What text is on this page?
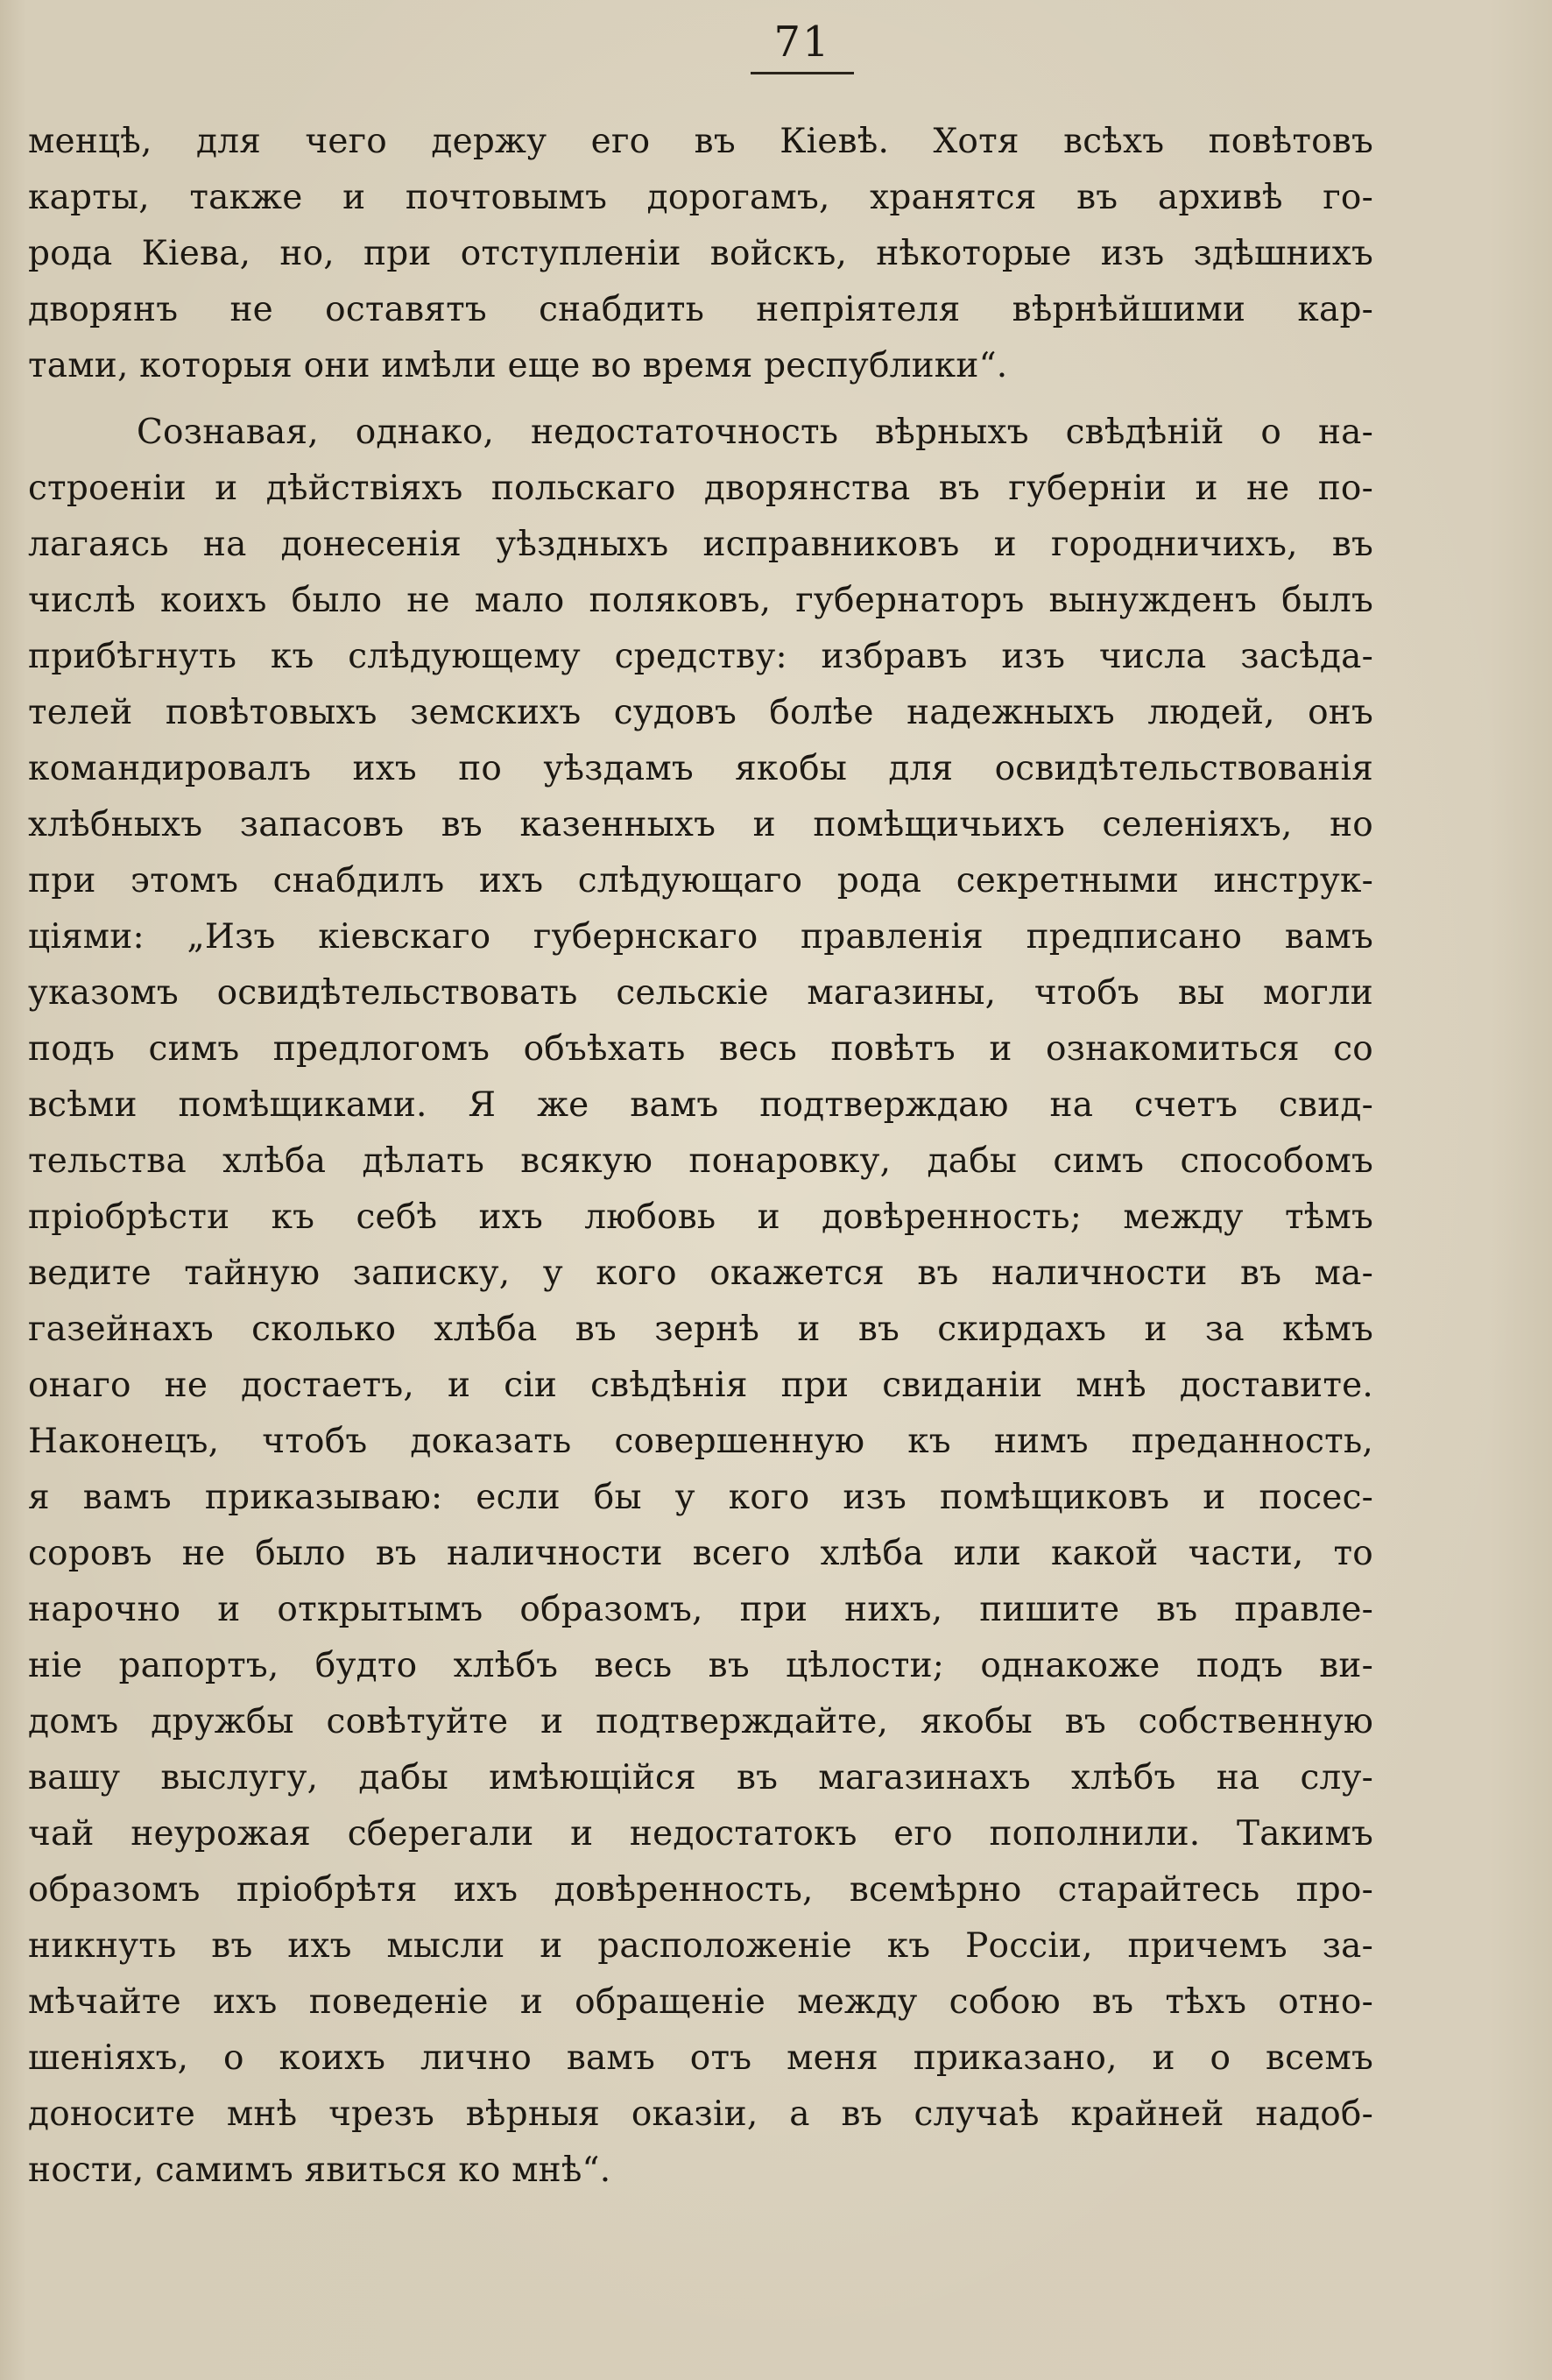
71
менцѣ, для чего держу его въ Кіевѣ. Хотя всѣхъ повѣтовъ
карты, также и почтовымъ дорогамъ, хранятся въ архивѣ го-
рода Кіева, но, при отступленіи войскъ, нѣкоторые изъ здѣшнихъ
дворянъ не оставятъ снабдить непріятеля вѣрнѣйшими кар-
тами, которыя они имѣли еще во время республики“.
Сознавая, однако, недостаточность вѣрныхъ свѣдѣній о на-
строеніи и дѣйствіяхъ польскаго дворянства въ губерніи и не по-
лагаясь на донесенія уѣздныхъ исправниковъ и городничихъ, въ
числѣ коихъ было не мало поляковъ, губернаторъ вынужденъ былъ
прибѣгнуть къ слѣдующему средству: избравъ изъ числа засѣда-
телей повѣтовыхъ земскихъ судовъ болѣе надежныхъ людей, онъ
командировалъ ихъ по уѣздамъ якобы для освидѣтельствованія
хлѣбныхъ запасовъ въ казенныхъ и помѣщичьихъ селеніяхъ, но
при этомъ снабдилъ ихъ слѣдующаго рода секретными инструк-
ціями: „Изъ кіевскаго губернскаго правленія предписано вамъ
указомъ освидѣтельствовать сельскіе магазины, чтобъ вы могли
подъ симъ предлогомъ объѣхать весь повѣтъ и ознакомиться со
всѣми помѣщиками. Я же вамъ подтверждаю на счетъ свид-
тельства хлѣба дѣлать всякую понаровку, дабы симъ способомъ
пріобрѣсти къ себѣ ихъ любовь и довѣренность; между тѣмъ
ведите тайную записку, у кого окажется въ наличности въ ма-
газейнахъ сколько хлѣба въ зернѣ и въ скирдахъ и за кѣмъ
онаго не достаетъ, и сіи свѣдѣнія при свиданіи мнѣ доставите.
Наконецъ, чтобъ доказать совершенную къ нимъ преданность,
я вамъ приказываю: если бы у кого изъ помѣщиковъ и посес-
соровъ не было въ наличности всего хлѣба или какой части, то
нарочно и открытымъ образомъ, при нихъ, пишите въ правле-
ніе рапортъ, будто хлѣбъ весь въ цѣлости; однакоже подъ ви-
домъ дружбы совѣтуйте и подтверждайте, якобы въ собственную
вашу выслугу, дабы имѣющійся въ магазинахъ хлѣбъ на слу-
чай неурожая сберегали и недостатокъ его пополнили. Такимъ
образомъ пріобрѣтя ихъ довѣренность, всемѣрно старайтесь про-
никнуть въ ихъ мысли и расположеніе къ Россіи, причемъ за-
мѣчайте ихъ поведеніе и обращеніе между собою въ тѣхъ отно-
шеніяхъ, о коихъ лично вамъ отъ меня приказано, и о всемъ
доносите мнѣ чрезъ вѣрныя оказіи, а въ случаѣ крайней надоб-
ности, самимъ явиться ко мнѣ“.
